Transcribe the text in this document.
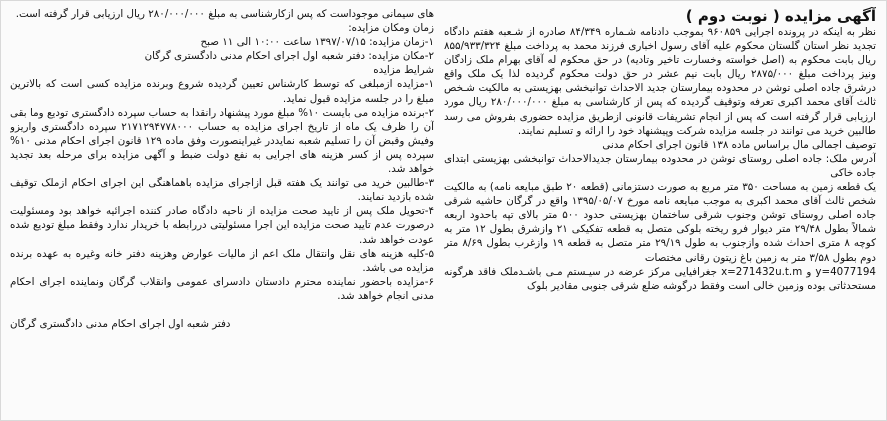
آگهی مزایده ( نوبت دوم )

نظر به اینکه در پرونده اجرایی ۹۶۰۸۵۹ بموجب دادنامه شـماره ۸۴/۳۴۹ صادره از شـعبه هفتم دادگاه تجدید نظر استان گلستان محکوم علیه آقای رسول اخباری فرزند محمد به پرداخت مبلغ ۸۵۵/۹۳۳/۳۲۴ ریال بابت محکوم به (اصل خواسته وخسارت تاخیر وتادیه) در حق محکوم له آقای بهرام ملک زادگان ونیز پرداخت مبلغ ۲۸۷۵/۰۰۰ ریال بابت نیم عشر در حق دولت محکوم گردیده لذا یک ملک واقع درشرق جاده اصلی توشن در محدوده بیمارستان جدید الاحداث توانبخشی بهزیستی به مالکیت شـخص ثالث آقای محمد اکبری تعرفه وتوقیف گردیده که پس از کارشناسی به مبلغ ۲۸۰/۰۰۰/۰۰۰ ریال مورد ارزیابی قرار گرفته است که پس از انجام تشریفات قانونی ازطریق مزایده حضوری بفروش می رسد طالبین خرید می توانند در جلسه مزایده شرکت وپیشنهاد خود را ارائه و تسلیم نمایند.

توصیف اجمالی مال براساس ماده ۱۳۸ قانون اجرای احکام مدنی

آدرس ملک: جاده اصلی روستای توشن در محدوده بیمارستان جدیدالاحداث توانبخشی بهزیستی ابتدای جاده خاکی

یک قطعه زمین به مساحت ۳۵۰ متر مربع به صورت دستزمانی (قطعه ۲۰ طبق مبایعه نامه) به مالکیت شخص ثالث آقای محمد اکبری به موجب مبایعه نامه مورخ ۱۳۹۵/۰۵/۰۷ واقع در گرگان حاشیه شرقی جاده اصلی روستای توشن وجنوب شرقی ساختمان بهزیستی حدود ۵۰۰ متر بالای تپه باحدود اربعه شمالاً بطول ۲۹/۴۸ متر دیوار فرو ریخته بلوکی متصل به قطعه تفکیکی ۲۱ وازشرق بطول ۱۲ متر به کوچه ۸ متری احداث شده وازجنوب به طول ۲۹/۱۹ متر متصل به قطعه ۱۹ وازغرب بطول ۸/۶۹ متر دوم بطول ۳/۵۸ متر به زمین باغ زیتون رقانی مختصات

y=4077194 و x=271432u.t.m جغرافیایی مرکز عرضه در سیـستم مـی باشـدملک فاقد هرگونه مستحدثاتی بوده وزمین خالی است وفقط درگوشه ضلع شرقی جنوبی مقادیر بلوک

های سیمانی موجوداست که پس ازکارشناسی به مبلغ ۲۸۰/۰۰۰/۰۰۰ ریال ارزیابی قرار گرفته است.

زمان ومکان مزایده:

۱-زمان مزایده: ۱۳۹۷/۰۷/۱۵ ساعت ۱۰:۰۰ الی ۱۱ صبح

۲-مکان مزایده: دفتر شعبه اول اجرای احکام مدنی دادگستری گرگان

شرایط مزایده

۱-مزایده ازمبلغی که توسط کارشناس تعیین گردیده شروع وبرنده مزایده کسی است که بالاترین مبلغ را در جلسه مزایده قبول نماید.

۲-برنده مزایده می بایست ۱۰% مبلغ مورد پیشنهاد رانقدا به حساب سپرده دادگستری تودیع وما بقی آن را ظرف یک ماه از تاریخ اجرای مزایده به حساب ۲۱۷۱۲۹۴۷۷۸۰۰۰ سپرده دادگستری واریزو وفیش وقبض آن را تسلیم شعبه نمایددر غیراینصورت وفق ماده ۱۲۹ قانون اجرای احکام مدنی ۱۰% سپرده پس از کسر هزینه های اجرایی به نفع دولت ضبط و آگهی مزایده برای مرحله بعد تجدید خواهد شد.

۳-طالبین خرید می توانند یک هفته قبل ازاجرای مزایده باهماهنگی این اجرای احکام ازملک توقیف شده بازدید نمایند.

۴-تحویل ملک پس از تایید صحت مزایده از ناحیه دادگاه صادر کننده اجرائیه خواهد بود ومسئولیت درصورت عدم تایید صحت مزایده این اجرا مسئولیتی دررابطه با خریدار ندارد وفقط مبلغ تودیع شده عودت خواهد شد.

۵-کلیه هزینه های نقل وانتقال ملک اعم از مالیات عوارض وهزینه دفتر خانه وغیره به عهده برنده مزایده می باشد.

۶-مزایده باحضور نماینده محترم دادستان دادسرای عمومی وانقلاب گرگان ونماینده اجرای احکام مدنی انجام خواهد شد.

دفتر شعبه اول اجرای احکام مدنی دادگستری گرگان
